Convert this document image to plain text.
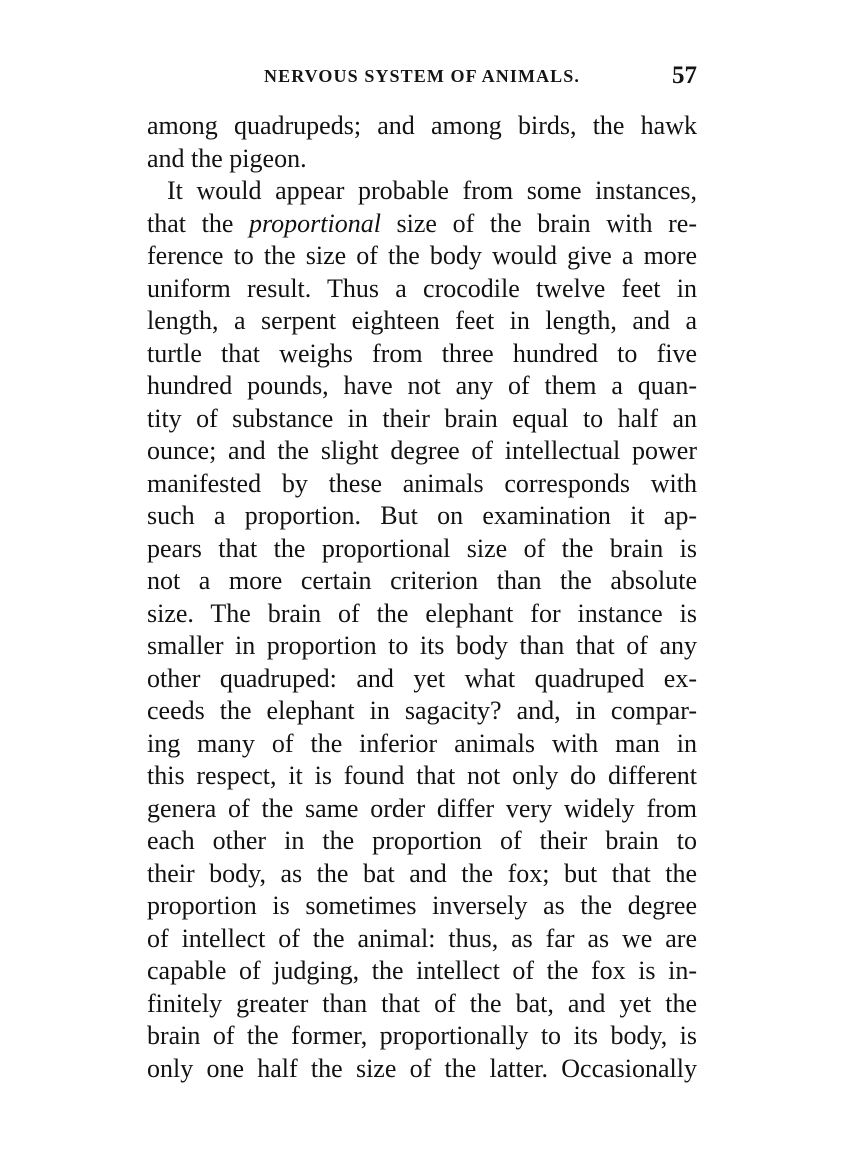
NERVOUS SYSTEM OF ANIMALS.	57
among quadrupeds; and among birds, the hawk
and the pigeon.
It would appear probable from some instances,
that the proportional size of the brain with re-
ference to the size of the body would give a more
uniform result. Thus a crocodile twelve feet in
length, a serpent eighteen feet in length, and a
turtle that weighs from three hundred to five
hundred pounds, have not any of them a quan-
tity of substance in their brain equal to half an
ounce; and the slight degree of intellectual power
manifested by these animals corresponds with
such a proportion. But on examination it ap-
pears that the proportional size of the brain is
not a more certain criterion than the absolute
size. The brain of the elephant for instance is
smaller in proportion to its body than that of any
other quadruped: and yet what quadruped ex-
ceeds the elephant in sagacity? and, in compar-
ing many of the inferior animals with man in
this respect, it is found that not only do different
genera of the same order differ very widely from
each other in the proportion of their brain to
their body, as the bat and the fox; but that the
proportion is sometimes inversely as the degree
of intellect of the animal: thus, as far as we are
capable of judging, the intellect of the fox is in-
finitely greater than that of the bat, and yet the
brain of the former, proportionally to its body, is
only one half the size of the latter. Occasionally
